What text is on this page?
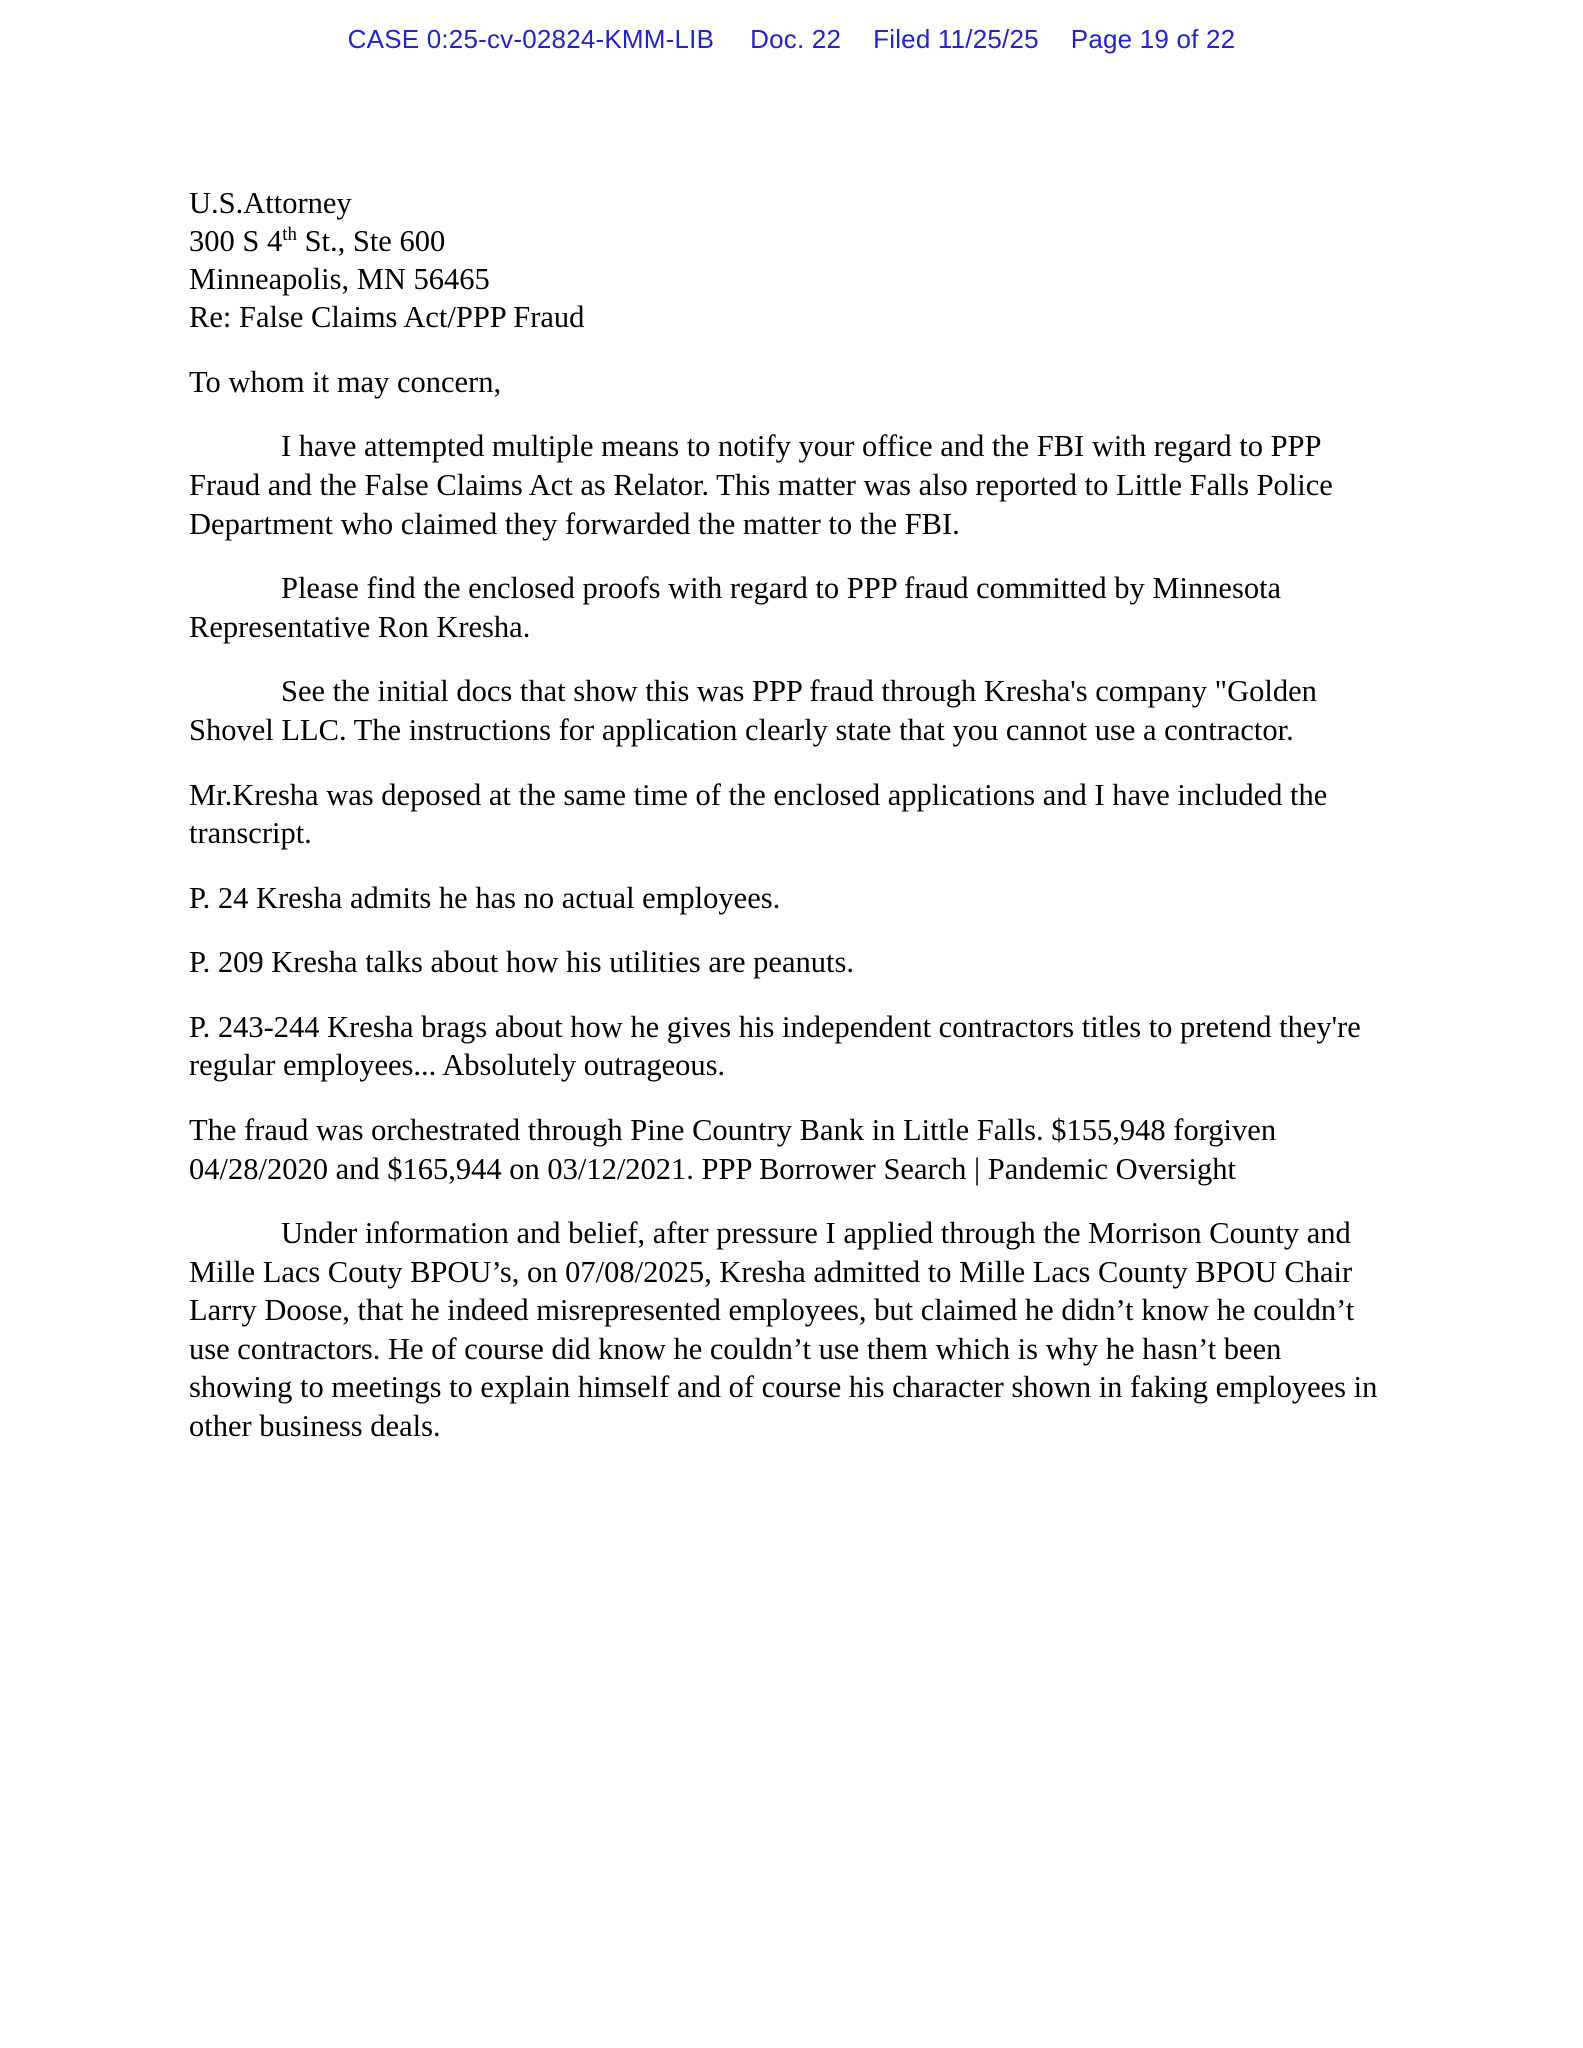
CASE 0:25-cv-02824-KMM-LIB Doc. 22 Filed 11/25/25 Page 19 of 22
U.S.Attorney
300 S 4th St., Ste 600
Minneapolis, MN 56465
Re: False Claims Act/PPP Fraud

To whom it may concern,

I have attempted multiple means to notify your office and the FBI with regard to PPP Fraud and the False Claims Act as Relator. This matter was also reported to Little Falls Police Department who claimed they forwarded the matter to the FBI.

Please find the enclosed proofs with regard to PPP fraud committed by Minnesota Representative Ron Kresha.

See the initial docs that show this was PPP fraud through Kresha's company "Golden Shovel LLC. The instructions for application clearly state that you cannot use a contractor.

Mr.Kresha was deposed at the same time of the enclosed applications and I have included the transcript.

P. 24 Kresha admits he has no actual employees.

P. 209 Kresha talks about how his utilities are peanuts.

P. 243-244 Kresha brags about how he gives his independent contractors titles to pretend they're regular employees... Absolutely outrageous.

The fraud was orchestrated through Pine Country Bank in Little Falls. $155,948 forgiven 04/28/2020 and $165,944 on 03/12/2021. PPP Borrower Search | Pandemic Oversight

Under information and belief, after pressure I applied through the Morrison County and Mille Lacs Couty BPOU’s, on 07/08/2025, Kresha admitted to Mille Lacs County BPOU Chair Larry Doose, that he indeed misrepresented employees, but claimed he didn’t know he couldn’t use contractors. He of course did know he couldn’t use them which is why he hasn’t been showing to meetings to explain himself and of course his character shown in faking employees in other business deals.
